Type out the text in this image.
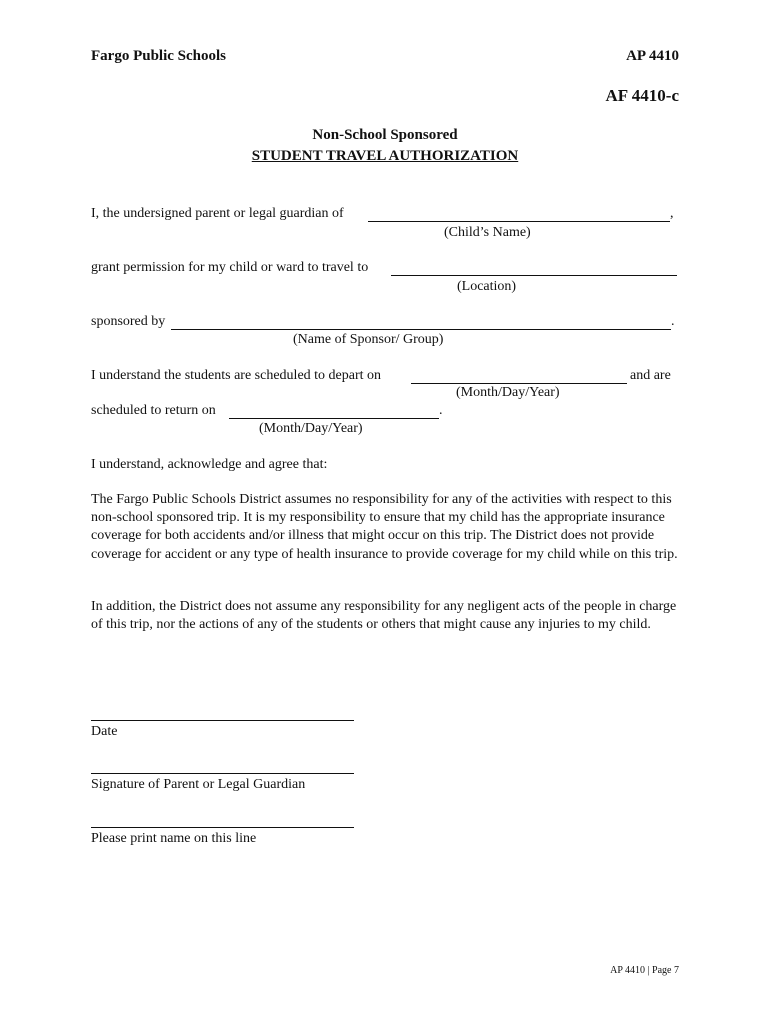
Fargo Public Schools	AP 4410
AF 4410-c
Non-School Sponsored
STUDENT TRAVEL AUTHORIZATION
I, the undersigned parent or legal guardian of	,
(Child’s Name)
grant permission for my child or ward to travel to
(Location)
sponsored by	.
(Name of Sponsor/ Group)
I understand the students are scheduled to depart on	and are
(Month/Day/Year)
scheduled to return on	.
(Month/Day/Year)
I understand, acknowledge and agree that:
The Fargo Public Schools District assumes no responsibility for any of the activities with respect to this non-school sponsored trip. It is my responsibility to ensure that my child has the appropriate insurance coverage for both accidents and/or illness that might occur on this trip. The District does not provide coverage for accident or any type of health insurance to provide coverage for my child while on this trip.
In addition, the District does not assume any responsibility for any negligent acts of the people in charge of this trip, nor the actions of any of the students or others that might cause any injuries to my child.
Date
Signature of Parent or Legal Guardian
Please print name on this line
AP 4410 | Page 7
